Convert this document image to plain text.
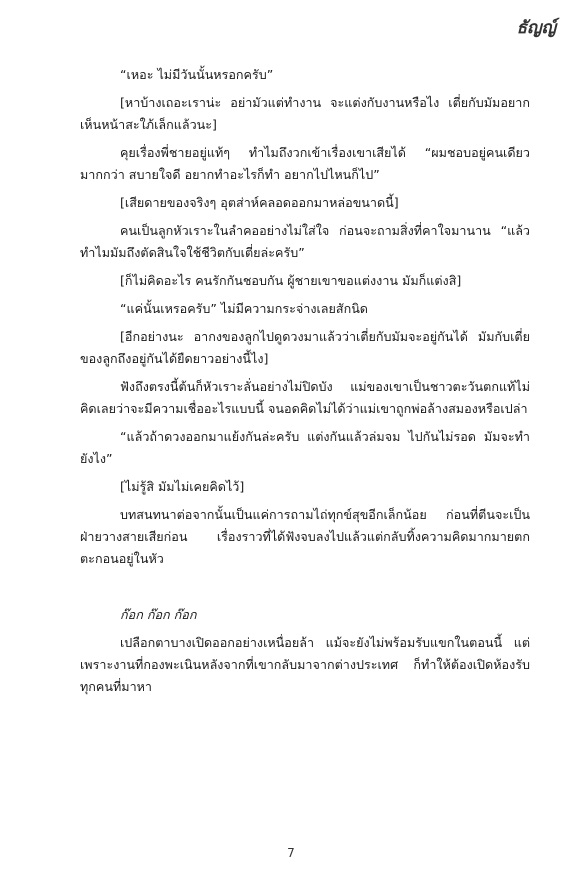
ธัญญ์

“เหอะ ไม่มีวันนั้นหรอกครับ”

[หาบ้างเถอะเราน่ะ อย่ามัวแต่ทำงาน จะแต่งกับงานหรือไง เตี่ยกับมัมอยากเห็นหน้าสะใภ้เล็กแล้วนะ]

คุยเรื่องพี่ชายอยู่แท้ๆ ทำไมถึงวกเข้าเรื่องเขาเสียได้ “ผมชอบอยู่คนเดียวมากกว่า สบายใจดี อยากทำอะไรก็ทำ อยากไปไหนก็ไป”

[เสียดายของจริงๆ อุตส่าห์คลอดออกมาหล่อขนาดนี้]

คนเป็นลูกหัวเราะในลำคออย่างไม่ใส่ใจ ก่อนจะถามสิ่งที่คาใจมานาน “แล้วทำไมมัมถึงตัดสินใจใช้ชีวิตกับเตี่ยล่ะครับ”

[ก็ไม่คิดอะไร คนรักกันชอบกัน ผู้ชายเขาขอแต่งงาน มัมก็แต่งสิ]

“แค่นั้นเหรอครับ” ไม่มีความกระจ่างเลยสักนิด

[อีกอย่างนะ อากงของลูกไปดูดวงมาแล้วว่าเตี่ยกับมัมจะอยู่กันได้ มัมกับเตี่ยของลูกถึงอยู่กันได้ยืดยาวอย่างนี้ไง]

ฟังถึงตรงนี้ต้นก็หัวเราะลั่นอย่างไม่ปิดบัง แม่ของเขาเป็นชาวตะวันตกแท้ไม่คิดเลยว่าจะมีความเชื่ออะไรแบบนี้ จนอดคิดไม่ได้ว่าแม่เขาถูกพ่อล้างสมองหรือเปล่า

“แล้วถ้าดวงออกมาแย้งกันล่ะครับ แต่งกันแล้วล่มจม ไปกันไม่รอด มัมจะทำยังไง”

[ไม่รู้สิ มัมไม่เคยคิดไว้]

บทสนทนาต่อจากนั้นเป็นแค่การถามไถ่ทุกข์สุขอีกเล็กน้อย ก่อนที่ตีนจะเป็นฝ่ายวางสายเสียก่อน เรื่องราวที่ได้ฟังจบลงไปแล้วแต่กลับทิ้งความคิดมากมายตกตะกอนอยู่ในหัว

ก๊อก ก๊อก ก๊อก

เปลือกตาบางเปิดออกอย่างเหนื่อยล้า แม้จะยังไม่พร้อมรับแขกในตอนนี้ แต่เพราะงานที่กองพะเนินหลังจากที่เขากลับมาจากต่างประเทศ ก็ทำให้ต้องเปิดห้องรับทุกคนที่มาหา

7
